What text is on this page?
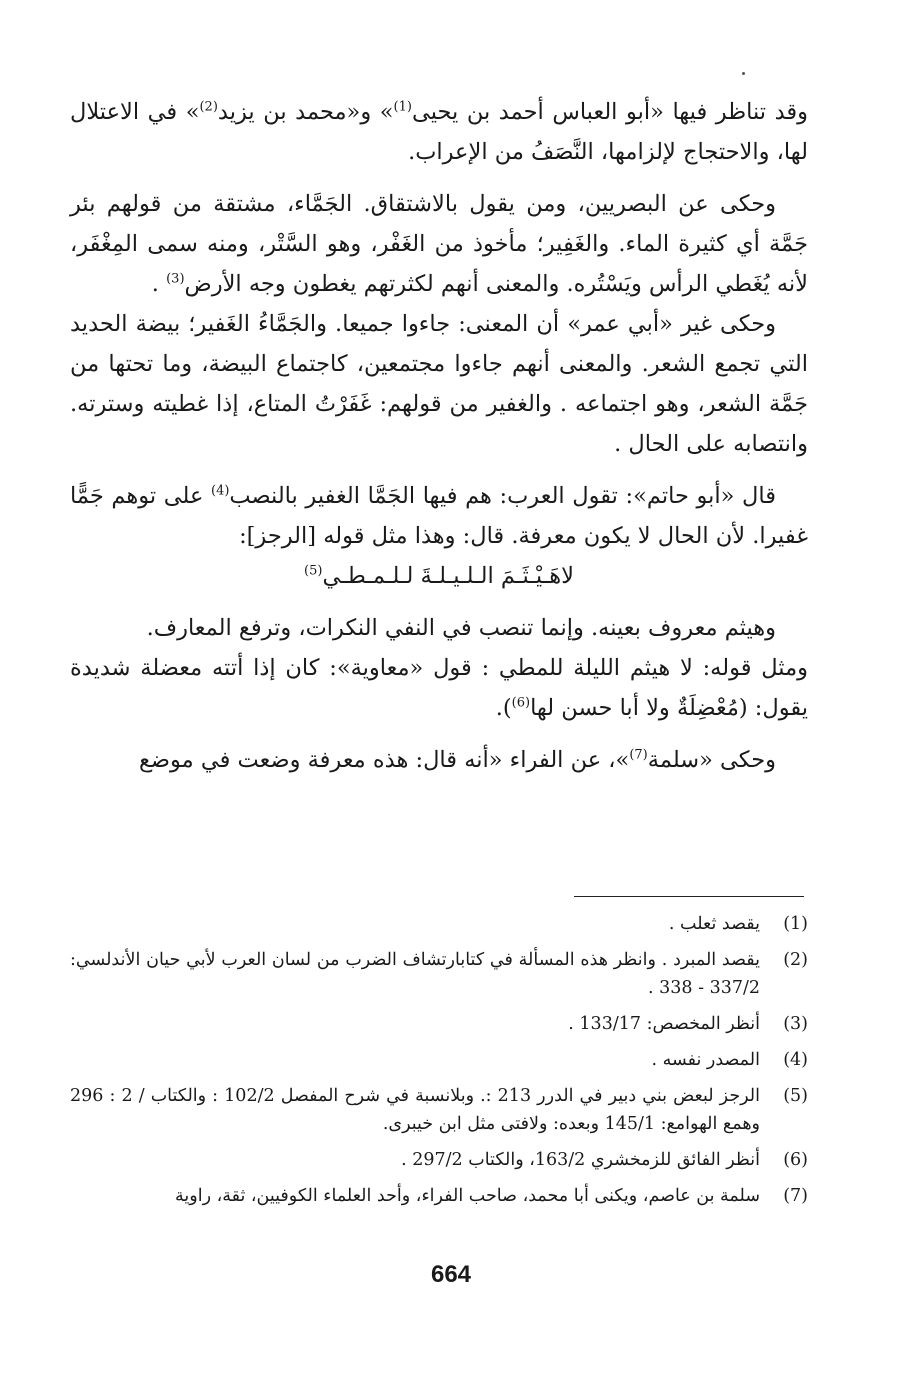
وقد تناظر فيها «أبو العباس أحمد بن يحيى$^{(1)}$» و«محمد بن يزيد$^{(2)}$» في الاعتلال لها، والاحتجاج لإلزامها، النَّصَفُ من الإعراب.

وحكى عن البصريين، ومن يقول بالاشتقاق. الجَمَّاء، مشتقة من قولهم بئر جَمَّة أي كثيرة الماء. والغَفِير؛ مأخوذ من الغَفْر، وهو السَّتْر، ومنه سمى المِغْفَر، لأنه يُغَطي الرأس ويَسْتُره. والمعنى أنهم لكثرتهم يغطون وجه الأرض$^{(3)}$ .

وحكى غير «أبي عمر» أن المعنى: جاءوا جميعا. والجَمَّاءُ الغَفير؛ بيضة الحديد التي تجمع الشعر. والمعنى أنهم جاءوا مجتمعين، كاجتماع البيضة، وما تحتها من جَمَّة الشعر، وهو اجتماعه . والغفير من قولهم: غَفَرْتُ المتاع، إذا غطيته وسترته. وانتصابه على الحال .

قال «أبو حاتم»: تقول العرب: هم فيها الجَمَّا الغفير بالنصب$^{(4)}$ على توهم جَمًّا غفيرا. لأن الحال لا يكون معرفة. قال: وهذا مثل قوله [الرجز]:

لاهَـيْـثَـمَ الـلـيـلـةَ لـلـمـطـي$^{(5)}$

وهيثم معروف بعينه. وإنما تنصب في النفي النكرات، وترفع المعارف.

ومثل قوله: لا هيثم الليلة للمطي : قول «معاوية»: كان إذا أتته معضلة شديدة يقول: (مُعْضِلَةٌ ولا أبا حسن لها$^{(6)}$).

وحكى «سلمة$^{(7)}$»، عن الفراء «أنه قال: هذه معرفة وضعت في موضع

(1)
يقصد ثعلب .
(2)
يقصد المبرد . وانظر هذه المسألة في كتابارتشاف الضرب من لسان العرب لأبي حيان الأندلسي: 337/2 - 338 .
(3)
أنظر المخصص: 133/17 .
(4)
المصدر نفسه .
(5)
الرجز لبعض بني دبير في الدرر 213 :. وبلانسبة في شرح المفصل 102/2 : والكتاب / 2 : 296 وهمع الهوامع: 145/1 وبعده: ولافتى مثل ابن خيبرى.
(6)
أنظر الفائق للزمخشري 163/2، والكتاب 297/2 .
(7)
سلمة بن عاصم، ويكنى أبا محمد، صاحب الفراء، وأحد العلماء الكوفيين، ثقة، راوية
664
